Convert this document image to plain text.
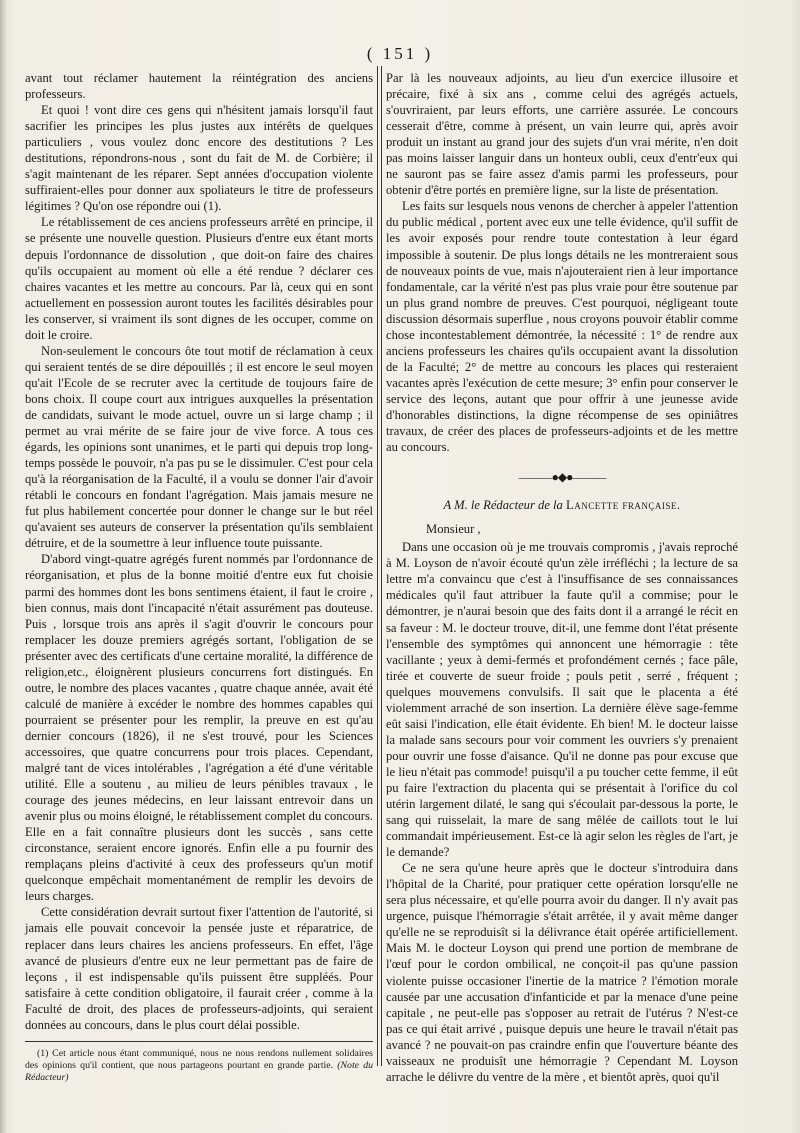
( 151 )

avant tout réclamer hautement la réintégration des anciens professeurs.

Et quoi ! vont dire ces gens qui n'hésitent jamais lorsqu'il faut sacrifier les principes les plus justes aux intérêts de quelques particuliers , vous voulez donc encore des destitutions ? Les destitutions, répondrons-nous , sont du fait de M. de Corbière; il s'agit maintenant de les réparer. Sept années d'occupation violente suffiraient-elles pour donner aux spoliateurs le titre de professeurs légitimes ? Qu'on ose répondre oui (1).

Le rétablissement de ces anciens professeurs arrêté en principe, il se présente une nouvelle question. Plusieurs d'entre eux étant morts depuis l'ordonnance de dissolution , que doit-on faire des chaires qu'ils occupaient au moment où elle a été rendue ? déclarer ces chaires vacantes et les mettre au concours. Par là, ceux qui en sont actuellement en possession auront toutes les facilités désirables pour les conserver, si vraiment ils sont dignes de les occuper, comme on doit le croire.

Non-seulement le concours ôte tout motif de réclamation à ceux qui seraient tentés de se dire dépouillés ; il est encore le seul moyen qu'ait l'Ecole de se recruter avec la certitude de toujours faire de bons choix. Il coupe court aux intrigues auxquelles la présentation de candidats, suivant le mode actuel, ouvre un si large champ ; il permet au vrai mérite de se faire jour de vive force. A tous ces égards, les opinions sont unanimes, et le parti qui depuis trop long-temps possède le pouvoir, n'a pas pu se le dissimuler. C'est pour cela qu'à la réorganisation de la Faculté, il a voulu se donner l'air d'avoir rétabli le concours en fondant l'agrégation. Mais jamais mesure ne fut plus habilement concertée pour donner le change sur le but réel qu'avaient ses auteurs de conserver la présentation qu'ils semblaient détruire, et de la soumettre à leur influence toute puissante.

D'abord vingt-quatre agrégés furent nommés par l'ordonnance de réorganisation, et plus de la bonne moitié d'entre eux fut choisie parmi des hommes dont les bons sentimens étaient, il faut le croire , bien connus, mais dont l'incapacité n'était assurément pas douteuse. Puis , lorsque trois ans après il s'agit d'ouvrir le concours pour remplacer les douze premiers agrégés sortant, l'obligation de se présenter avec des certificats d'une certaine moralité, la différence de religion,etc., éloignèrent plusieurs concurrens fort distingués. En outre, le nombre des places vacantes , quatre chaque année, avait été calculé de manière à excéder le nombre des hommes capables qui pourraient se présenter pour les remplir, la preuve en est qu'au dernier concours (1826), il ne s'est trouvé, pour les Sciences accessoires, que quatre concurrens pour trois places. Cependant, malgré tant de vices intolérables , l'agrégation a été d'une véritable utilité. Elle a soutenu , au milieu de leurs pénibles travaux , le courage des jeunes médecins, en leur laissant entrevoir dans un avenir plus ou moins éloigné, le rétablissement complet du concours. Elle en a fait connaître plusieurs dont les succès , sans cette circonstance, seraient encore ignorés. Enfin elle a pu fournir des remplaçans pleins d'activité à ceux des professeurs qu'un motif quelconque empêchait momentanément de remplir les devoirs de leurs charges.

Cette considération devrait surtout fixer l'attention de l'autorité, si jamais elle pouvait concevoir la pensée juste et réparatrice, de replacer dans leurs chaires les anciens professeurs. En effet, l'âge avancé de plusieurs d'entre eux ne leur permettant pas de faire de leçons , il est indispensable qu'ils puissent être suppléés. Pour satisfaire à cette condition obligatoire, il faurait créer , comme à la Faculté de droit, des places de professeurs-adjoints, qui seraient données au concours, dans le plus court délai possible.

(1) Cet article nous étant communiqué, nous ne nous rendons nullement solidaires des opinions qu'il contient, que nous partageons pourtant en grande partie. (Note du Rédacteur)

Par là les nouveaux adjoints, au lieu d'un exercice illusoire et précaire, fixé à six ans , comme celui des agrégés actuels, s'ouvriraient, par leurs efforts, une carrière assurée. Le concours cesserait d'être, comme à présent, un vain leurre qui, après avoir produit un instant au grand jour des sujets d'un vrai mérite, n'en doit pas moins laisser languir dans un honteux oubli, ceux d'entr'eux qui ne sauront pas se faire assez d'amis parmi les professeurs, pour obtenir d'être portés en première ligne, sur la liste de présentation.

Les faits sur lesquels nous venons de chercher à appeler l'attention du public médical , portent avec eux une telle évidence, qu'il suffit de les avoir exposés pour rendre toute contestation à leur égard impossible à soutenir. De plus longs détails ne les montreraient sous de nouveaux points de vue, mais n'ajouteraient rien à leur importance fondamentale, car la vérité n'est pas plus vraie pour être soutenue par un plus grand nombre de preuves. C'est pourquoi, négligeant toute discussion désormais superflue , nous croyons pouvoir établir comme chose incontestablement démontrée, la nécessité : 1° de rendre aux anciens professeurs les chaires qu'ils occupaient avant la dissolution de la Faculté; 2° de mettre au concours les places qui resteraient vacantes après l'exécution de cette mesure; 3° enfin pour conserver le service des leçons, autant que pour offrir à une jeunesse avide d'honorables distinctions, la digne récompense de ses opiniâtres travaux, de créer des places de professeurs-adjoints et de les mettre au concours.

———●◆●———
A M. le Rédacteur de la Lancette française.

Monsieur ,

Dans une occasion où je me trouvais compromis , j'avais reproché à M. Loyson de n'avoir écouté qu'un zèle irréfléchi ; la lecture de sa lettre m'a convaincu que c'est à l'insuffisance de ses connaissances médicales qu'il faut attribuer la faute qu'il a commise; pour le démontrer, je n'aurai besoin que des faits dont il a arrangé le récit en sa faveur : M. le docteur trouve, dit-il, une femme dont l'état présente l'ensemble des symptômes qui annoncent une hémorragie : tête vacillante ; yeux à demi-fermés et profondément cernés ; face pâle, tirée et couverte de sueur froide ; pouls petit , serré , fréquent ; quelques mouvemens convulsifs. Il sait que le placenta a été violemment arraché de son insertion. La dernière élève sage-femme eût saisi l'indication, elle était évidente. Eh bien! M. le docteur laisse la malade sans secours pour voir comment les ouvriers s'y prenaient pour ouvrir une fosse d'aisance. Qu'il ne donne pas pour excuse que le lieu n'était pas commode! puisqu'il a pu toucher cette femme, il eût pu faire l'extraction du placenta qui se présentait à l'orifice du col utérin largement dilaté, le sang qui s'écoulait par-dessous la porte, le sang qui ruisselait, la mare de sang mêlée de caillots tout le lui commandait impérieusement. Est-ce là agir selon les règles de l'art, je le demande?

Ce ne sera qu'une heure après que le docteur s'introduira dans l'hôpital de la Charité, pour pratiquer cette opération lorsqu'elle ne sera plus nécessaire, et qu'elle pourra avoir du danger. Il n'y avait pas urgence, puisque l'hémorragie s'était arrêtée, il y avait même danger qu'elle ne se reproduisît si la délivrance était opérée artificiellement. Mais M. le docteur Loyson qui prend une portion de membrane de l'œuf pour le cordon ombilical, ne conçoit-il pas qu'une passion violente puisse occasioner l'inertie de la matrice ? l'émotion morale causée par une accusation d'infanticide et par la menace d'une peine capitale , ne peut-elle pas s'opposer au retrait de l'utérus ? N'est-ce pas ce qui était arrivé , puisque depuis une heure le travail n'était pas avancé ? ne pouvait-on pas craindre enfin que l'ouverture béante des vaisseaux ne produisît une hémorragie ? Cependant M. Loyson arrache le délivre du ventre de la mère , et bientôt après, quoi qu'il
